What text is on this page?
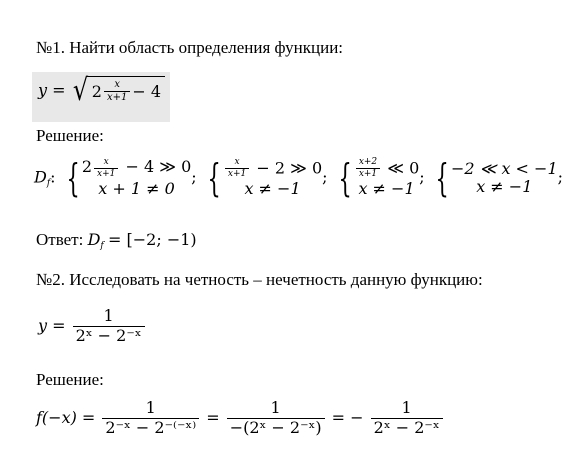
№1. Найти область определения функции:
y = √ $2 \frac{x}{x+1} - 4$
Решение:
Df: { $2 \frac{x}{x+1} - 4$ ≫ 0
x + 1 ≠ 0
; { $\frac{x}{x+1} - 2$ ≫ 0
x ≠ −1
; { $\frac{x+2}{x+1}$ ≪ 0
x ≠ −1
; { −2 ≪ x < −1
x ≠ −1 ;
Ответ: Df = [−2; −1)
№2. Исследовать на четность – нечетность данную функцию:
$y = \frac{1}{\text{2ˣ − 2⁻ˣ}}$
Решение:
$f(-x) = \frac{1}{\text{2⁻ˣ − 2⁻⁽⁻ˣ⁾}} = \frac{1}{\text{−(2ˣ − 2⁻ˣ)}}$ = − $\frac{1}{\text{2ˣ − 2⁻ˣ}}$
